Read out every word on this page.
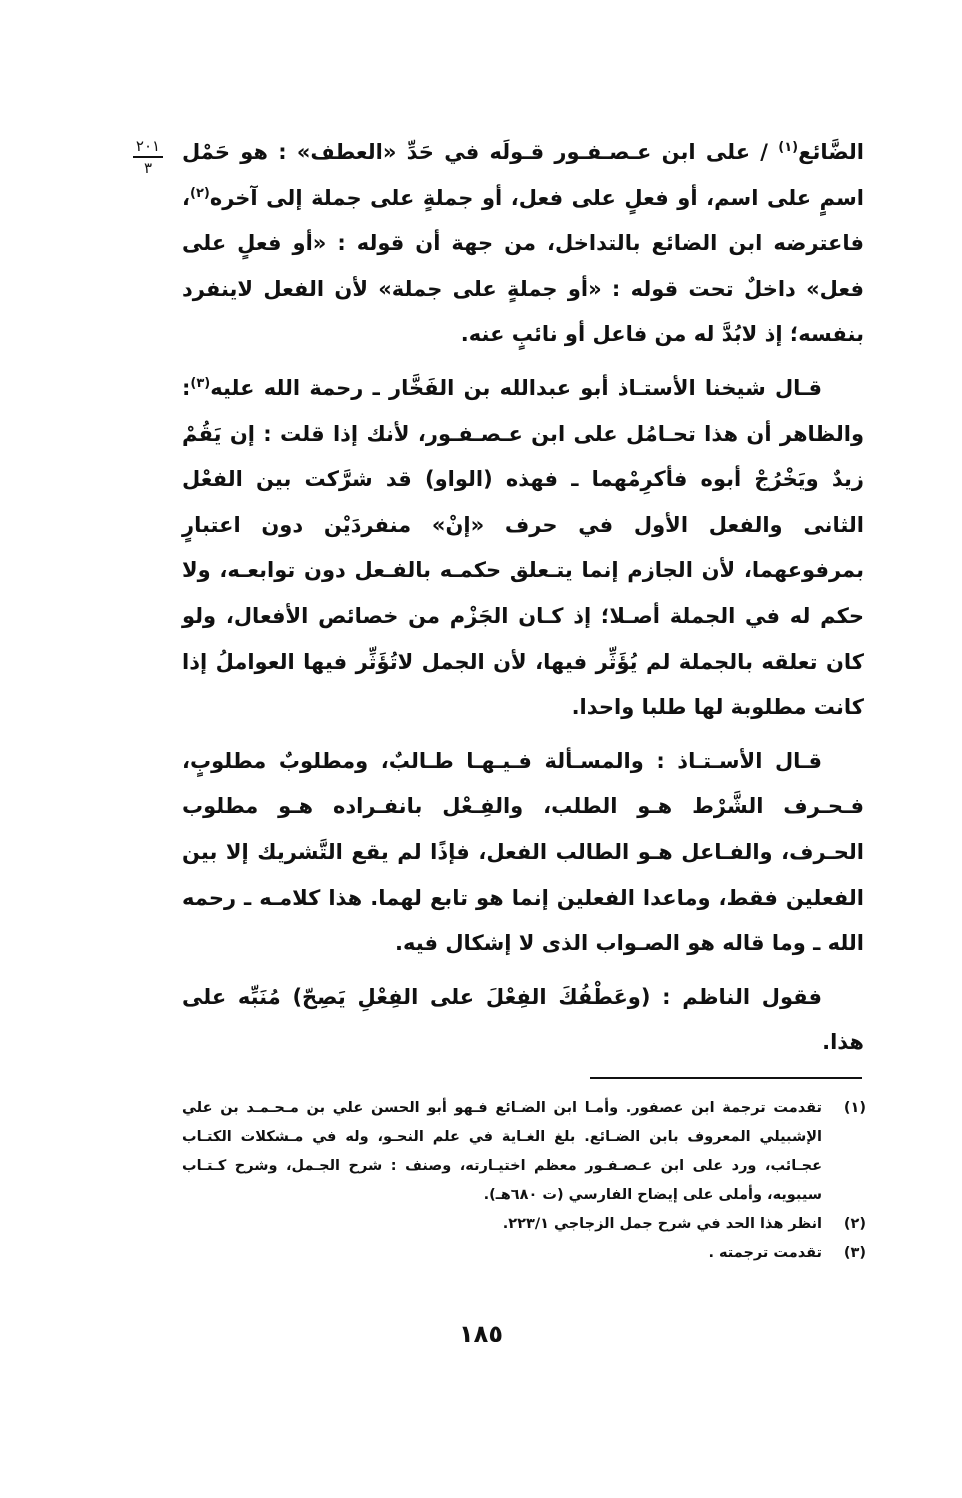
٢٠١
٣

الضَّائع$^{(١)}$ / على ابن عـصـفـور قـولَه في حَدِّ «العطف» : هو حَمْل اسمٍ على اسم، أو فعلٍ على فعل، أو جملةٍ على جملة إلى آخره$^{(٢)}$، فاعترضه ابن الضائع بالتداخل، من جهة أن قوله : «أو فعلٍ على فعل» داخلٌ تحت قوله : «أو جملةٍ على جملة» لأن الفعل لاينفرد بنفسه؛ إذ لابُدَّ له من فاعل أو نائبٍ عنه.

قـال شيخنا الأستـاذ أبو عبدالله بن الفَخَّار ـ رحمة الله عليه$^{(٣)}$: والظاهر أن هذا تحـامُل على ابن عـصـفـور، لأنك إذا قلت : إن يَقُمْ زيدٌ ويَخْرُجْ أبوه فأكرِمْهما ـ فهذه (الواو) قد شرَّكت بين الفعْل الثانى والفعل الأول في حرف «إنْ» منفردَيْن دون اعتبارٍ بمرفوعهما، لأن الجازم إنما يتـعلق حكمـه بالفـعل دون توابعـه، ولا حكم له في الجملة أصـلا؛ إذ كـان الجَزْم من خصائص الأفعال، ولو كان تعلقه بالجملة لم يُؤَثِّر فيها، لأن الجمل لاتُؤَثِّر فيها العواملُ إذا كانت مطلوبة لها طلبا واحدا.

قـال الأسـتـاذ : والمسـألة فـيـهـا طـالبٌ، ومطلوبٌ مطلوبٍ، فـحـرف الشَّرْط هـو الطلب، والفِـعْل بانفـراده هـو مطلوب الحـرف، والفـاعل هـو الطالب الفعل، فإذًا لم يقع التَّشريك إلا بين الفعلين فقط، وماعدا الفعلين إنما هو تابع لهما. هذا كلامـه ـ رحمه الله ـ وما قاله هو الصـواب الذى لا إشكال فيه.

فقول الناظم : (وعَطْفُكَ الفِعْلَ على الفِعْلِ يَصِحّ) مُنَبِّه على هذا.

(١)
تقدمت ترجمة ابن عصفور. وأمـا ابن الضـائع فـهو أبو الحسن علي بن مـحـمـد بن علي الإشبيلي المعروف بابن الضـائع. بلغ الغـاية في علم النحـو، وله في مـشكلات الكتـاب عجـائب، ورد على ابن عـصـفـور معظم اختيـارته، وصنف : شرح الجـمل، وشرح كـتـاب سيبويه، وأملى على إيضاح الفارسي (ت ٦٨٠هـ).
(٢)
انظر هذا الحد في شرح جمل الزجاجي ٢٢٣/١.
(٣)
تقدمت ترجمته .
١٨٥
